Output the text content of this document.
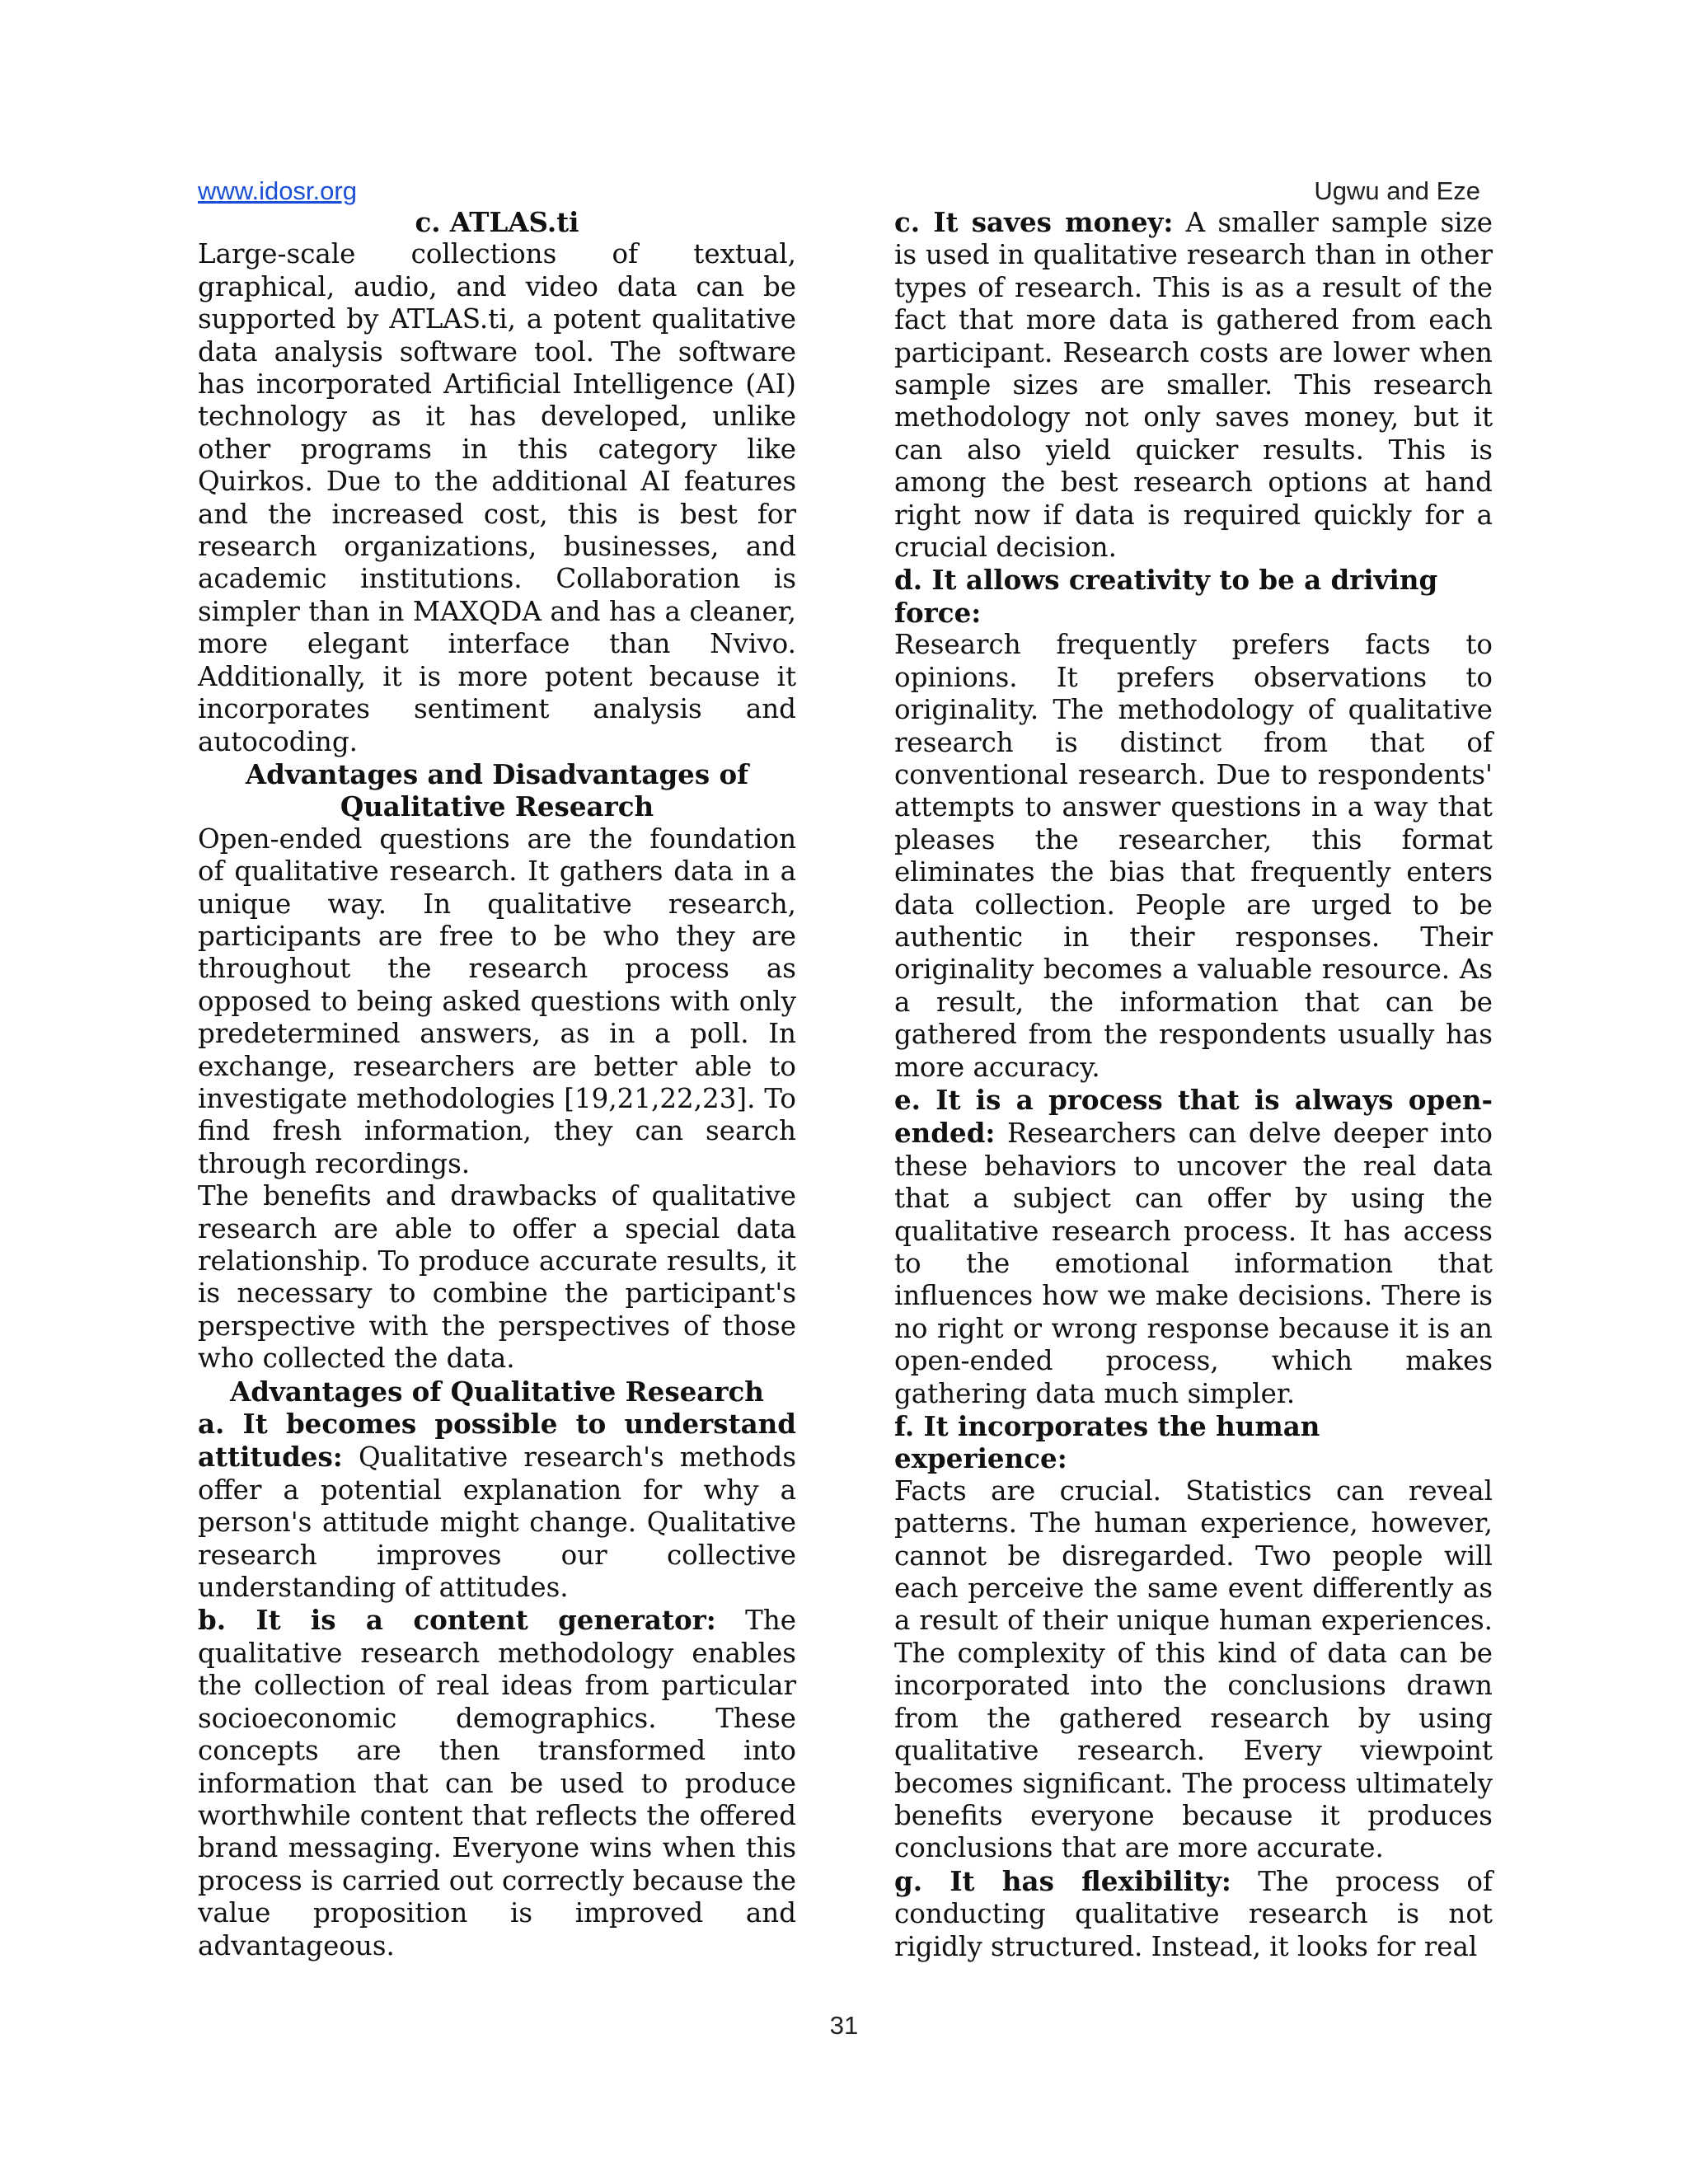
www.idosr.org	Ugwu and Eze
c. ATLAS.ti

Large-scale collections of textual, graphical, audio, and video data can be supported by ATLAS.ti, a potent qualitative data analysis software tool. The software has incorporated Artificial Intelligence (AI) technology as it has developed, unlike other programs in this category like Quirkos. Due to the additional AI features and the increased cost, this is best for research organizations, businesses, and academic institutions. Collaboration is simpler than in MAXQDA and has a cleaner, more elegant interface than Nvivo. Additionally, it is more potent because it incorporates sentiment analysis and autocoding.

Advantages and Disadvantages of
Qualitative Research

Open-ended questions are the foundation of qualitative research. It gathers data in a unique way. In qualitative research, participants are free to be who they are throughout the research process as opposed to being asked questions with only predetermined answers, as in a poll. In exchange, researchers are better able to investigate methodologies [19,21,22,23]. To find fresh information, they can search through recordings.

The benefits and drawbacks of qualitative research are able to offer a special data relationship. To produce accurate results, it is necessary to combine the participant's perspective with the perspectives of those who collected the data.

Advantages of Qualitative Research

a. It becomes possible to understand attitudes: Qualitative research's methods offer a potential explanation for why a person's attitude might change. Qualitative research improves our collective understanding of attitudes.

b. It is a content generator: The qualitative research methodology enables the collection of real ideas from particular socioeconomic demographics. These concepts are then transformed into information that can be used to produce worthwhile content that reflects the offered brand messaging. Everyone wins when this process is carried out correctly because the value proposition is improved and advantageous.

c. It saves money: A smaller sample size is used in qualitative research than in other types of research. This is as a result of the fact that more data is gathered from each participant. Research costs are lower when sample sizes are smaller. This research methodology not only saves money, but it can also yield quicker results. This is among the best research options at hand right now if data is required quickly for a crucial decision.

d. It allows creativity to be a driving force:

Research frequently prefers facts to opinions. It prefers observations to originality. The methodology of qualitative research is distinct from that of conventional research. Due to respondents' attempts to answer questions in a way that pleases the researcher, this format eliminates the bias that frequently enters data collection. People are urged to be authentic in their responses. Their originality becomes a valuable resource. As a result, the information that can be gathered from the respondents usually has more accuracy.

e. It is a process that is always open-ended: Researchers can delve deeper into these behaviors to uncover the real data that a subject can offer by using the qualitative research process. It has access to the emotional information that influences how we make decisions. There is no right or wrong response because it is an open-ended process, which makes gathering data much simpler.

f. It incorporates the human experience:

Facts are crucial. Statistics can reveal patterns. The human experience, however, cannot be disregarded. Two people will each perceive the same event differently as a result of their unique human experiences. The complexity of this kind of data can be incorporated into the conclusions drawn from the gathered research by using qualitative research. Every viewpoint becomes significant. The process ultimately benefits everyone because it produces conclusions that are more accurate.

g. It has flexibility: The process of conducting qualitative research is not rigidly structured. Instead, it looks for real

31
